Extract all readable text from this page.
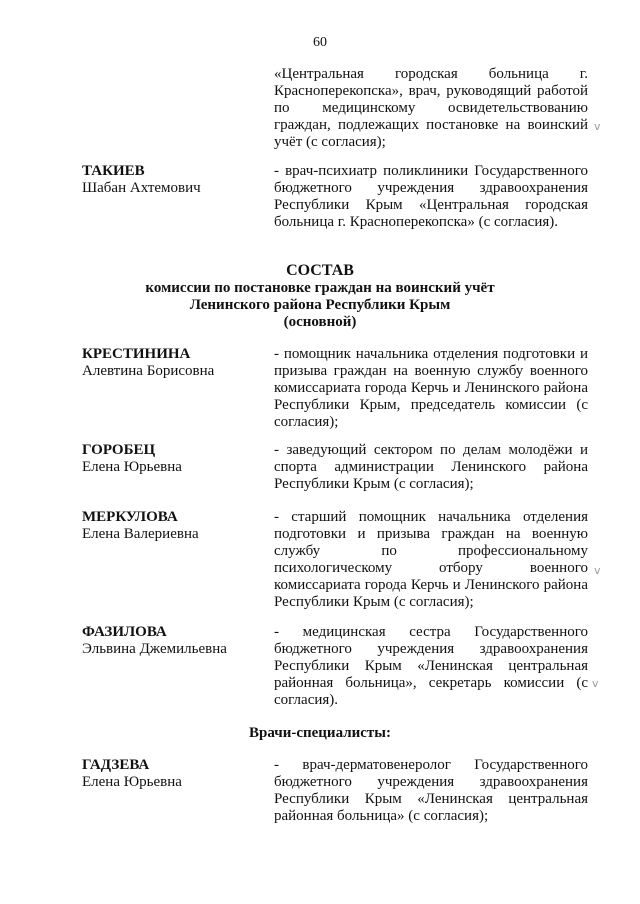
60
«Центральная городская больница г. Красноперекопска», врач, руководящий работой по медицинскому освидетельствованию граждан, подлежащих постановке на воинский учёт (с согласия);
v
ТАКИЕВ
Шабан Ахтемович
- врач-психиатр поликлиники Государственного бюджетного учреждения здравоохранения Республики Крым «Центральная городская больница г. Красноперекопска» (с согласия).
СОСТАВ
комиссии по постановке граждан на воинский учёт
Ленинского района Республики Крым
(основной)
КРЕСТИНИНА
Алевтина Борисовна
- помощник начальника отделения подготовки и призыва граждан на военную службу военного комиссариата города Керчь и Ленинского района Республики Крым, председатель комиссии (с согласия);
ГОРОБЕЦ
Елена Юрьевна
- заведующий сектором по делам молодёжи и спорта администрации Ленинского района Республики Крым (с согласия);
МЕРКУЛОВА
Елена Валериевна
- старший помощник начальника отделения подготовки и призыва граждан на военную службу по профессиональному психологическому отбору военного комиссариата города Керчь и Ленинского района Республики Крым (с согласия);
v
ФАЗИЛОВА
Эльвина Джемильевна
- медицинская сестра Государственного бюджетного учреждения здравоохранения Республики Крым «Ленинская центральная районная больница», секретарь комиссии (с согласия).
v
Врачи-специалисты:
ГАДЗЕВА
Елена Юрьевна
- врач-дерматовенеролог Государственного бюджетного учреждения здравоохранения Республики Крым «Ленинская центральная районная больница» (с согласия);
